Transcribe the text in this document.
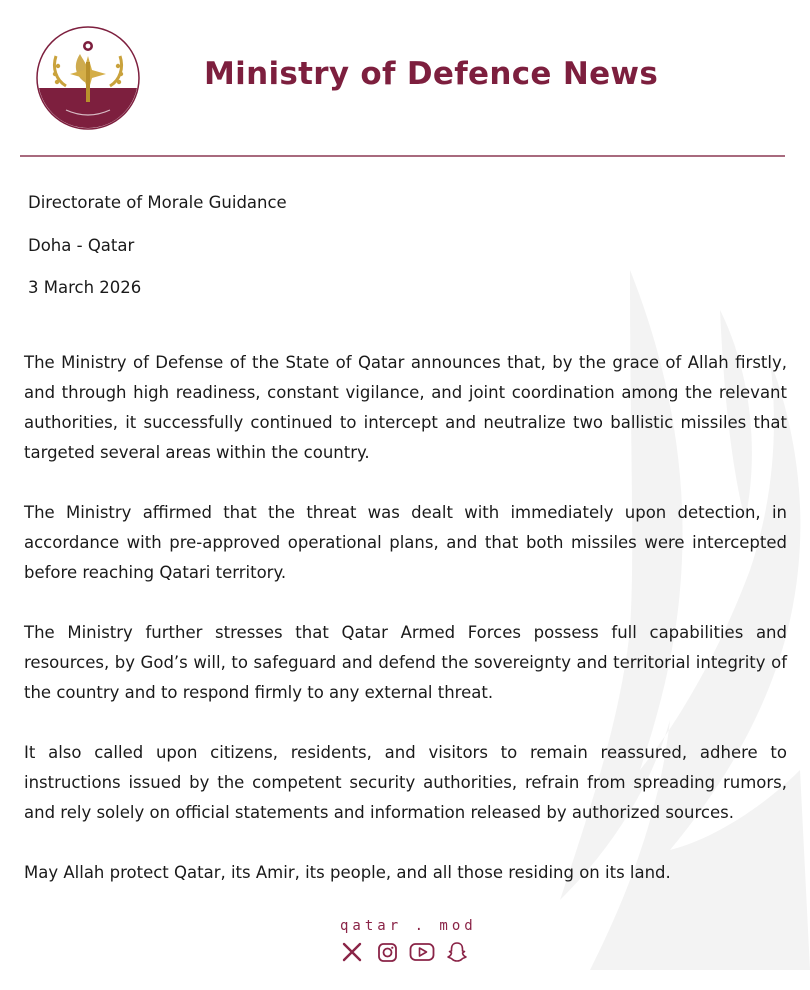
Ministry of Defence News
Directorate of Morale Guidance
Doha - Qatar
3 March 2026

The Ministry of Defense of the State of Qatar announces that, by the grace of Allah firstly, and through high readiness, constant vigilance, and joint coordination among the relevant authorities, it successfully continued to intercept and neutralize two ballistic missiles that targeted several areas within the country.

The Ministry affirmed that the threat was dealt with immediately upon detection, in accordance with pre-approved operational plans, and that both missiles were intercepted before reaching Qatari territory.

The Ministry further stresses that Qatar Armed Forces possess full capabilities and resources, by God’s will, to safeguard and defend the sovereignty and territorial integrity of the country and to respond firmly to any external threat.

It also called upon citizens, residents, and visitors to remain reassured, adhere to instructions issued by the competent security authorities, refrain from spreading rumors, and rely solely on official statements and information released by authorized sources.

May Allah protect Qatar, its Amir, its people, and all those residing on its land.

qatar . mod
